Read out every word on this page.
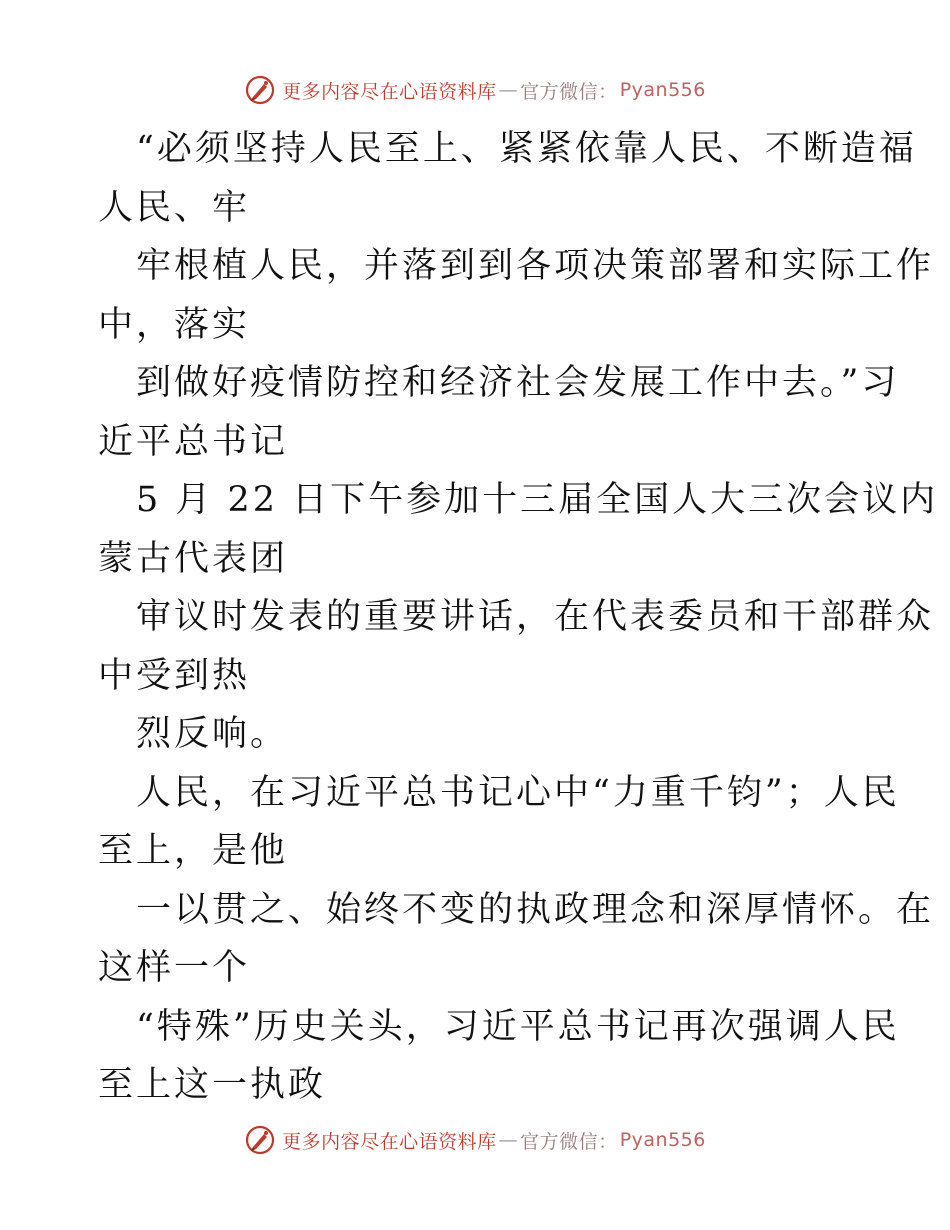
更多内容尽在心语资料库 — 官方微信： Pyan556
“必须坚持人民至上、紧紧依靠人民、不断造福
人民、牢
牢根植人民，并落到到各项决策部署和实际工作
中，落实
到做好疫情防控和经济社会发展工作中去。”习
近平总书记
5 月 22 日下午参加十三届全国人大三次会议内
蒙古代表团
审议时发表的重要讲话，在代表委员和干部群众
中受到热
烈反响。
人民，在习近平总书记心中“力重千钧”；人民
至上，是他
一以贯之、始终不变的执政理念和深厚情怀。在
这样一个
“特殊”历史关头，习近平总书记再次强调人民
至上这一执政
更多内容尽在心语资料库 — 官方微信： Pyan556
